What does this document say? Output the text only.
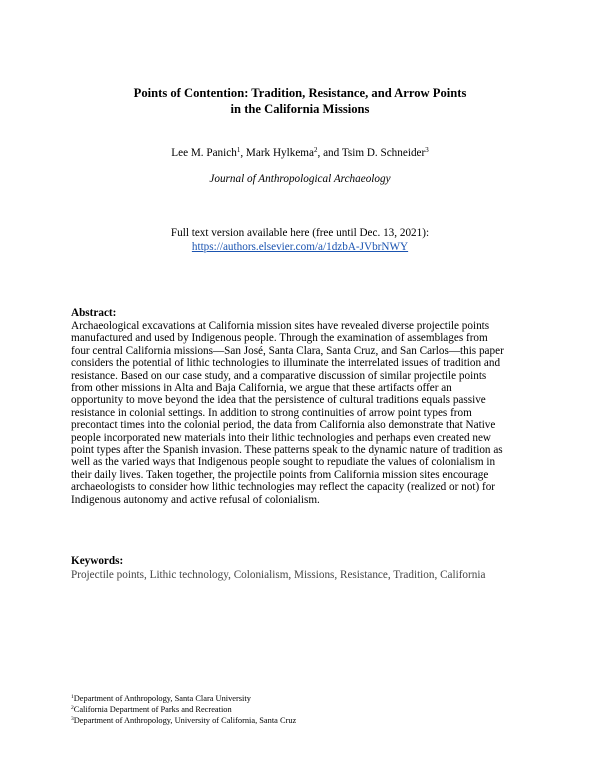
Points of Contention: Tradition, Resistance, and Arrow Points
in the California Missions
Lee M. Panich$^1$, Mark Hylkema$^2$, and Tsim D. Schneider$^3$
Journal of Anthropological Archaeology
Full text version available here (free until Dec. 13, 2021):
https://authors.elsevier.com/a/1dzbA-JVbrNWY
Abstract:
Archaeological excavations at California mission sites have revealed diverse projectile points
manufactured and used by Indigenous people. Through the examination of assemblages from
four central California missions—San José, Santa Clara, Santa Cruz, and San Carlos—this paper
considers the potential of lithic technologies to illuminate the interrelated issues of tradition and
resistance. Based on our case study, and a comparative discussion of similar projectile points
from other missions in Alta and Baja California, we argue that these artifacts offer an
opportunity to move beyond the idea that the persistence of cultural traditions equals passive
resistance in colonial settings. In addition to strong continuities of arrow point types from
precontact times into the colonial period, the data from California also demonstrate that Native
people incorporated new materials into their lithic technologies and perhaps even created new
point types after the Spanish invasion. These patterns speak to the dynamic nature of tradition as
well as the varied ways that Indigenous people sought to repudiate the values of colonialism in
their daily lives. Taken together, the projectile points from California mission sites encourage
archaeologists to consider how lithic technologies may reflect the capacity (realized or not) for
Indigenous autonomy and active refusal of colonialism.
Keywords:
Projectile points, Lithic technology, Colonialism, Missions, Resistance, Tradition, California
$^1$Department of Anthropology, Santa Clara University
$^2$California Department of Parks and Recreation
$^3$Department of Anthropology, University of California, Santa Cruz
